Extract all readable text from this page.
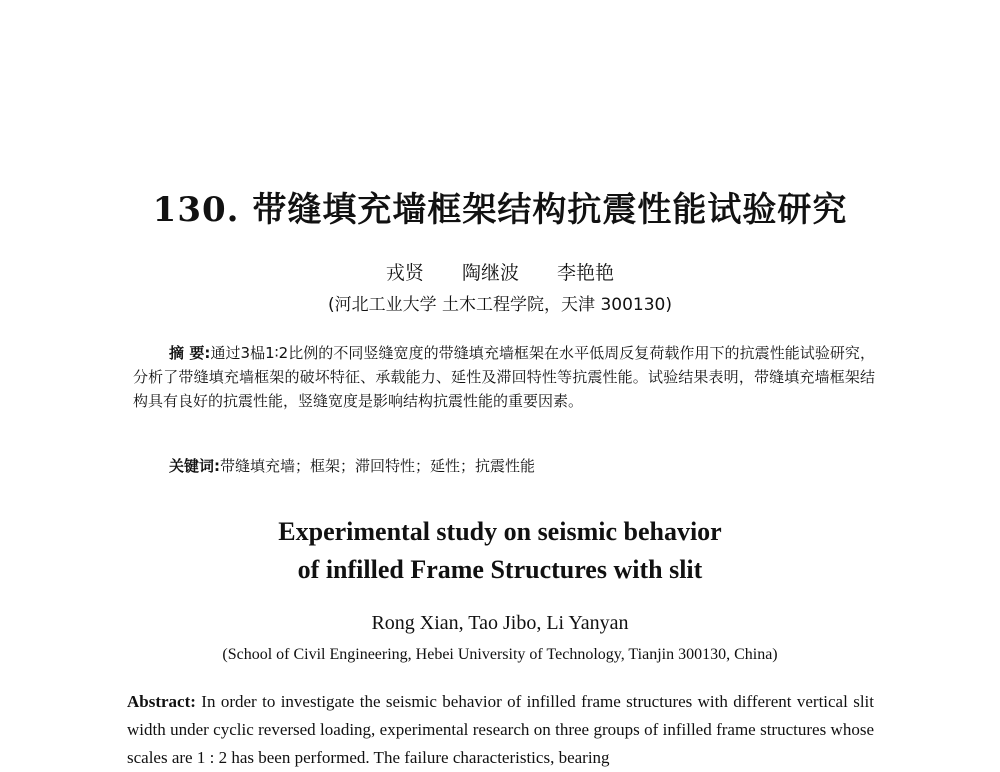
130. 带缝填充墙框架结构抗震性能试验研究
戎贤 陶继波 李艳艳
(河北工业大学 土木工程学院，天津 300130)
摘 要:通过3榀1∶2比例的不同竖缝宽度的带缝填充墙框架在水平低周反复荷载作用下的抗震性能试验研究，分析了带缝填充墙框架的破坏特征、承载能力、延性及滞回特性等抗震性能。试验结果表明，带缝填充墙框架结构具有良好的抗震性能，竖缝宽度是影响结构抗震性能的重要因素。
关键词:带缝填充墙；框架；滞回特性；延性；抗震性能
Experimental study on seismic behavior
of infilled Frame Structures with slit
Rong Xian, Tao Jibo, Li Yanyan
(School of Civil Engineering, Hebei University of Technology, Tianjin 300130, China)
Abstract: In order to investigate the seismic behavior of infilled frame structures with different vertical slit width under cyclic reversed loading, experimental research on three groups of infilled frame structures whose scales are 1 : 2 has been performed. The failure characteristics, bearing
